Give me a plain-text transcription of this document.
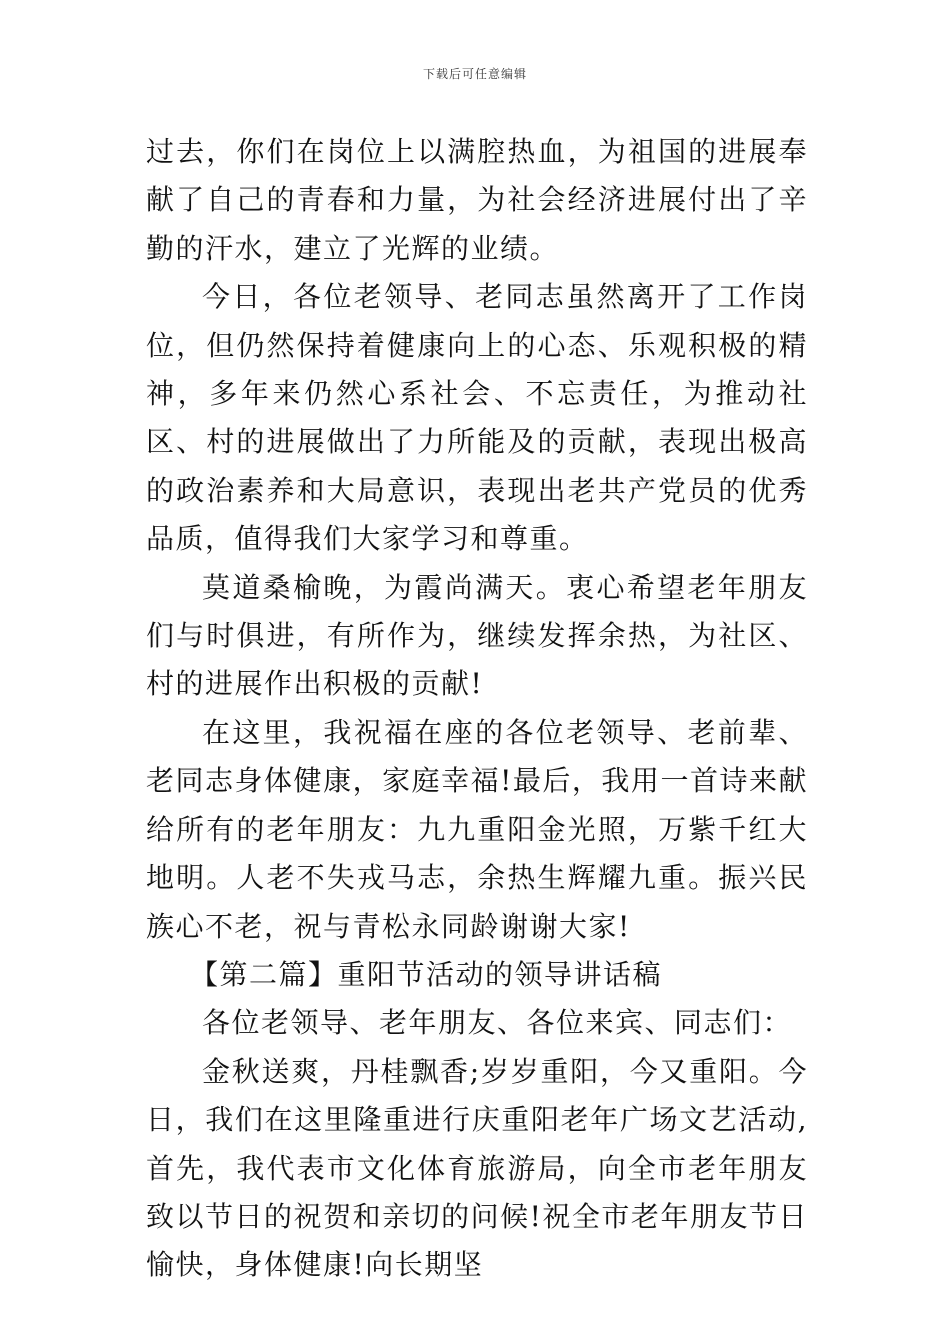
下载后可任意编辑

过去，你们在岗位上以满腔热血，为祖国的进展奉献了自己的青春和力量，为社会经济进展付出了辛勤的汗水，建立了光辉的业绩。

今日，各位老领导、老同志虽然离开了工作岗位，但仍然保持着健康向上的心态、乐观积极的精神，多年来仍然心系社会、不忘责任，为推动社区、村的进展做出了力所能及的贡献，表现出极高的政治素养和大局意识，表现出老共产党员的优秀品质，值得我们大家学习和尊重。

莫道桑榆晚，为霞尚满天。衷心希望老年朋友们与时俱进，有所作为，继续发挥余热，为社区、村的进展作出积极的贡献!

在这里，我祝福在座的各位老领导、老前辈、老同志身体健康，家庭幸福!最后，我用一首诗来献给所有的老年朋友：九九重阳金光照，万紫千红大地明。人老不失戎马志，余热生辉耀九重。振兴民族心不老，祝与青松永同龄谢谢大家!

【第二篇】重阳节活动的领导讲话稿

各位老领导、老年朋友、各位来宾、同志们：

金秋送爽，丹桂飘香;岁岁重阳，今又重阳。今日，我们在这里隆重进行庆重阳老年广场文艺活动,首先，我代表市文化体育旅游局，向全市老年朋友致以节日的祝贺和亲切的问候!祝全市老年朋友节日愉快，身体健康!向长期坚
